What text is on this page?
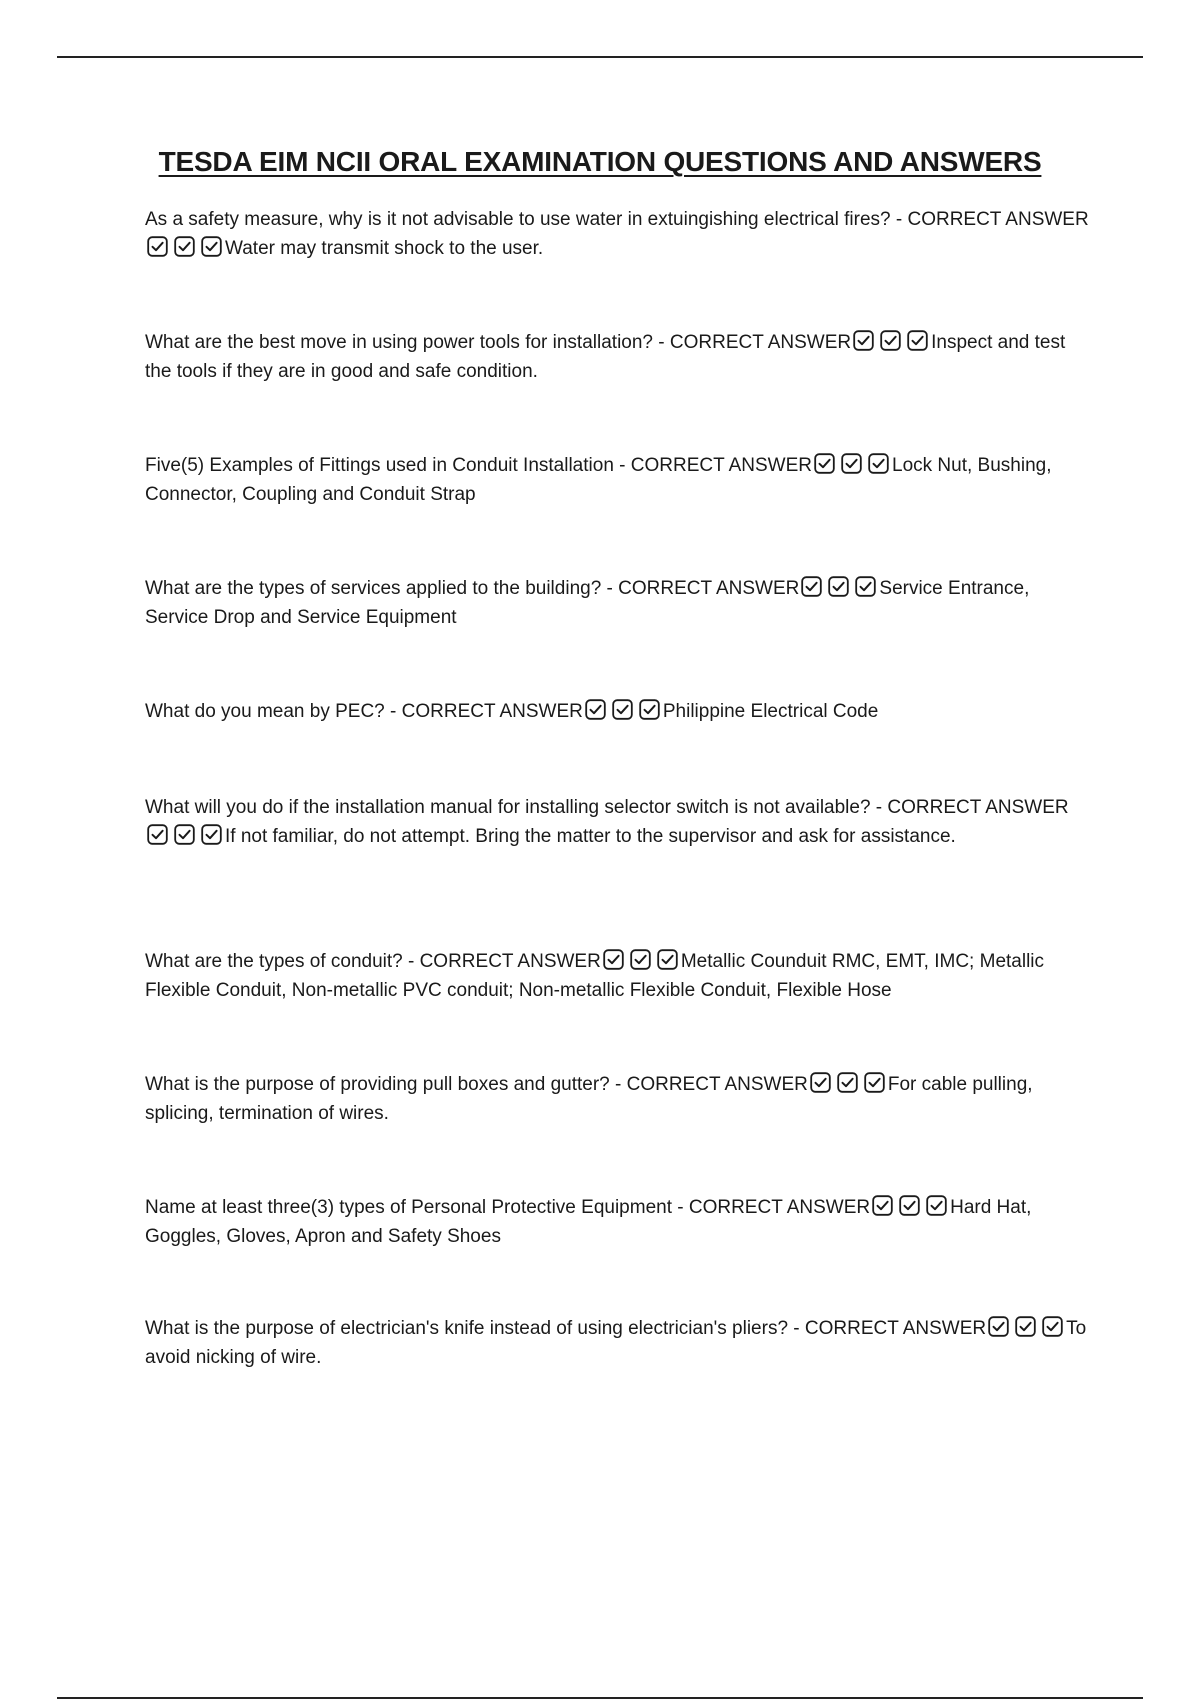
TESDA EIM NCII ORAL EXAMINATION QUESTIONS AND ANSWERS

As a safety measure, why is it not advisable to use water in extuingishing electrical fires? - CORRECT ANSWER
Water may transmit shock to the user.

What are the best move in using power tools for installation? - CORRECT ANSWER	Inspect and test the tools if they are in good and safe condition.

Five(5) Examples of Fittings used in Conduit Installation - CORRECT ANSWER	Lock Nut, Bushing, Connector, Coupling and Conduit Strap

What are the types of services applied to the building? - CORRECT ANSWER	Service Entrance, Service Drop and Service Equipment

What do you mean by PEC? - CORRECT ANSWER	Philippine Electrical Code

What will you do if the installation manual for installing selector switch is not available? - CORRECT ANSWER
If not familiar, do not attempt. Bring the matter to the supervisor and ask for assistance.

What are the types of conduit? - CORRECT ANSWER	Metallic Counduit RMC, EMT, IMC; Metallic Flexible Conduit, Non-metallic PVC conduit; Non-metallic Flexible Conduit, Flexible Hose

What is the purpose of providing pull boxes and gutter? - CORRECT ANSWER	For cable pulling, splicing, termination of wires.

Name at least three(3) types of Personal Protective Equipment - CORRECT ANSWER	Hard Hat, Goggles, Gloves, Apron and Safety Shoes

What is the purpose of electrician's knife instead of using electrician's pliers? - CORRECT ANSWER	To avoid nicking of wire.
